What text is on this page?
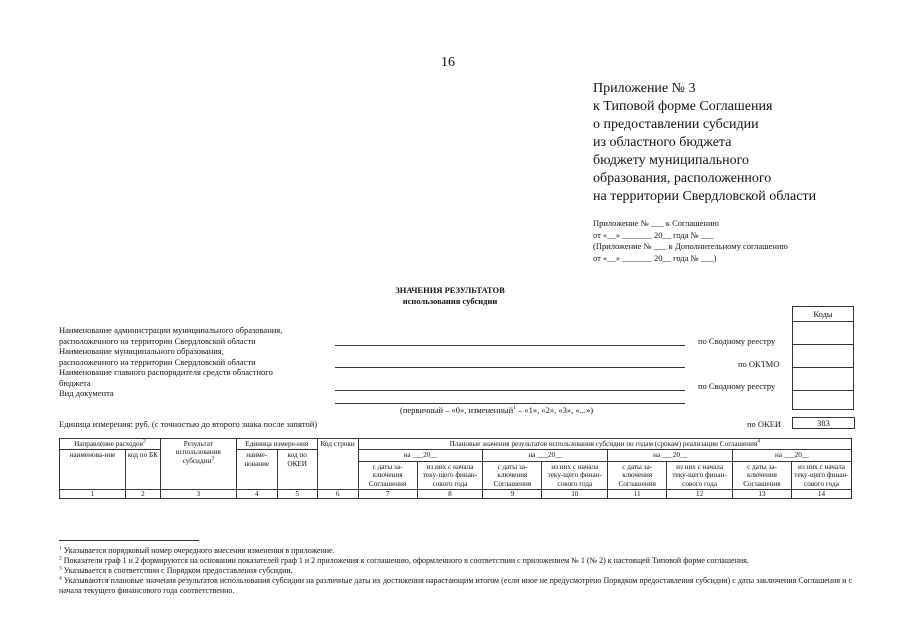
16
Приложение № 3
к Типовой форме Соглашения
о предоставлении субсидии
из областного бюджета
бюджету муниципального
образования, расположенного
на территории Свердловской области
Приложение № ___ к Соглашению
от «__» _______ 20__ года № ___
(Приложение № ___ к Дополнительному соглашению
от «__» _______ 20__ года № ___)
ЗНАЧЕНИЯ РЕЗУЛЬТАТОВ
использования субсидии
Коды

Наименование администрации муниципального образования,
расположенного на территории Свердловской области
Наименование муниципального образования,
расположенного на территории Свердловской области
Наименование главного распорядителя средств областного
бюджета
Вид документа
по Сводному реестру
по ОКТМО
по Сводному реестру
(первичный – «0», измененный$^1$ – «1», «2», «3», «...»)
Единица измерения: руб. (с точностью до второго знака после запятой)	по ОКЕИ	383
Направление расходов$^2$		Результат использования субсидии$^3$	Единица измере-ния		Код строки	Плановые значения результатов использования субсидии по годам (срокам) реализации Соглашения$^4$
наименова-ние	код по БК		наиме-нование	код по ОКЕИ		на ___20__		на ___20__		на ___20__		на ___20__	
						с даты за-ключения Соглашения	из них с начала теку-щего финан-сового года	с даты за-ключения Соглашения	из них с начала теку-щего финан-сового года	с даты за-ключения Соглашения	из них с начала теку-щего финан-сового года	с даты за-ключения Соглашения	из них с начала теку-щего финан-сового года
1	2	3	4	5	6	7	8	9	10	11	12	13	14

$^1$ Указывается порядковый номер очередного внесения изменения в приложение.

$^2$ Показатели граф 1 и 2 формируются на основании показателей граф 1 и 2 приложения к соглашению, оформленного в соответствии с приложением № 1 (№ 2) к настоящей Типовой форме соглашения.

$^3$ Указывается в соответствии с Порядком предоставления субсидии.

$^4$ Указываются плановые значения результатов использования субсидии на различные даты их достижения нарастающим итогом (если иное не предусмотрено Порядком предоставления субсидии) с даты заключения Соглашения и с начала текущего финансового года соответственно.
